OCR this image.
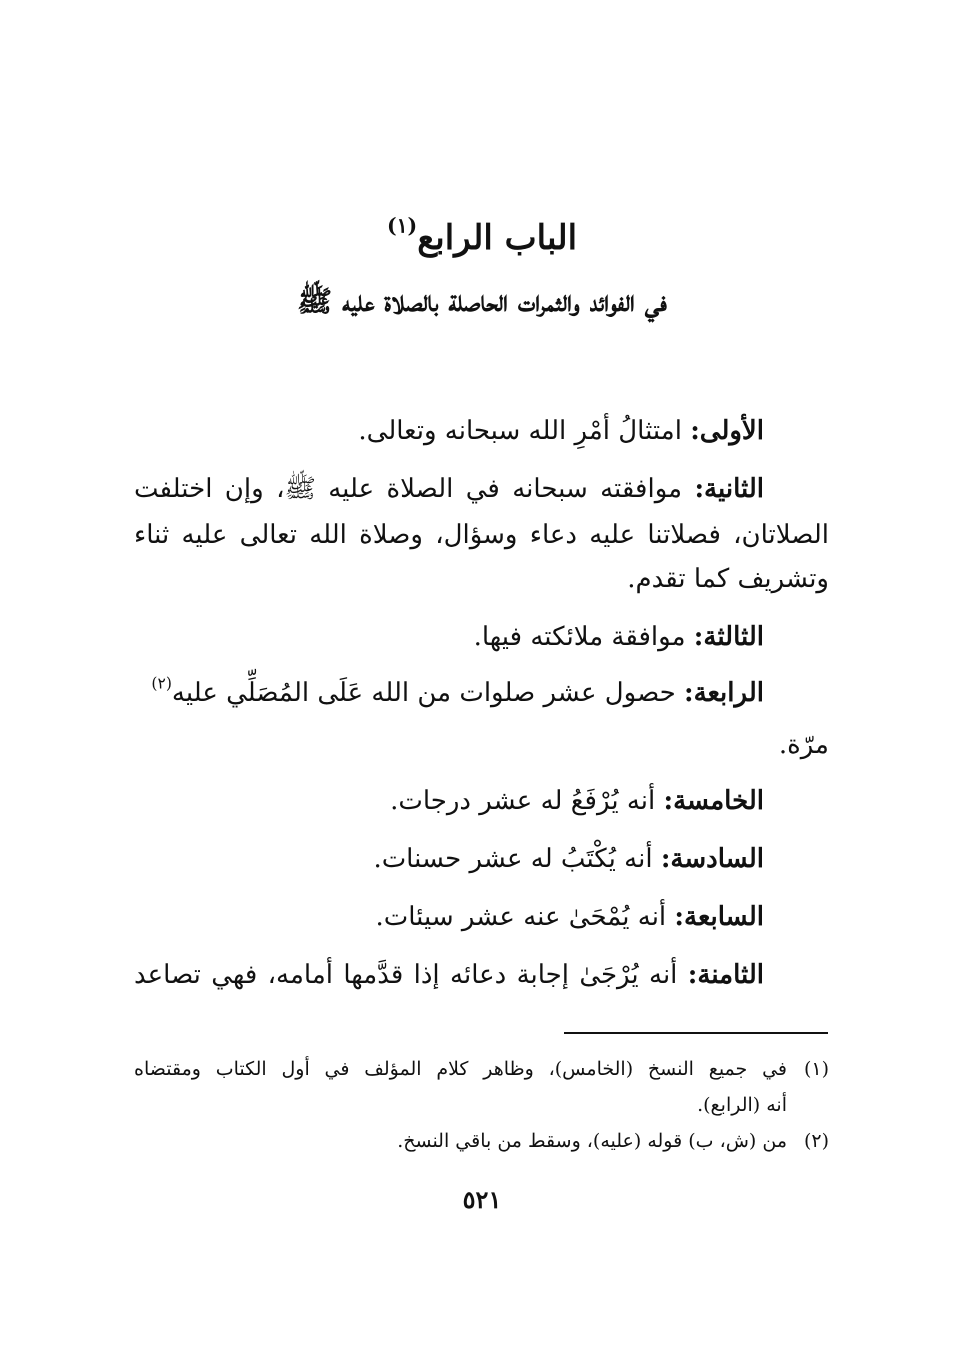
الباب الرابع$^{(١)}$
في الفوائد والثمرات الحاصلة بالصلاة عليه ﷺ
الأولى: امتثالُ أمْرِ الله سبحانه وتعالى.
الثانية: موافقته سبحانه في الصلاة عليه ﷺ، وإن اختلفت
الصلاتان، فصلاتنا عليه دعاء وسؤال، وصلاة الله تعالى عليه ثناء
وتشريف كما تقدم.
الثالثة: موافقة ملائكته فيها.
الرابعة: حصول عشر صلوات من الله عَلَى المُصَلِّي عليه$^{(٢)}$
مرّة.
الخامسة: أنه يُرْفَعُ له عشر درجات.
السادسة: أنه يُكْتَبُ له عشر حسنات.
السابعة: أنه يُمْحَىٰ عنه عشر سيئات.
الثامنة: أنه يُرْجَىٰ إجابة دعائه إذا قدَّمها أمامه، فهي تصاعد
(١)في جميع النسخ (الخامس)، وظاهر كلام المؤلف في أول الكتاب ومقتضاه
أنه (الرابع).
(٢)من (ش، ب) قوله (عليه)، وسقط من باقي النسخ.
٥٢١
